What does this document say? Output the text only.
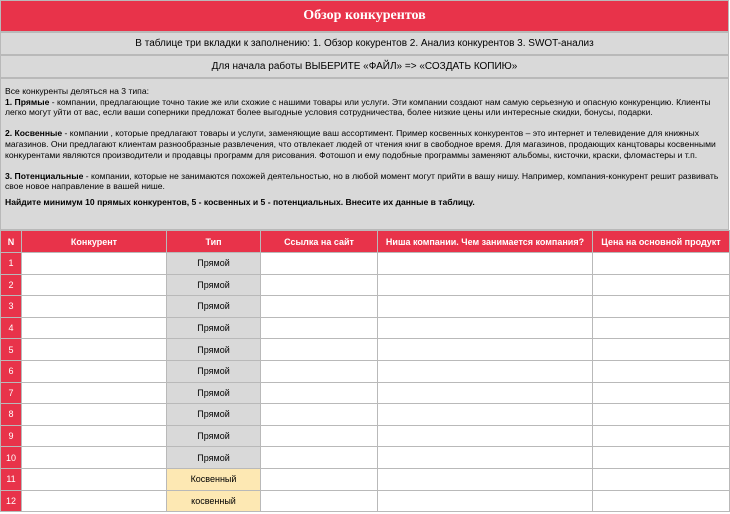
Обзор конкурентов
В таблице три вкладки к заполнению: 1. Обзор кокурентов 2. Анализ конкурентов 3. SWOT-анализ
Для начала работы ВЫБЕРИТЕ «ФАЙЛ» => «СОЗДАТЬ КОПИЮ»

Все конкуренты деляться на 3 типа:

1. Прямые - компании, предлагающие точно такие же или схожие с нашими товары или услуги. Эти компании создают нам самую серьезную и опасную конкуренцию. Клиенты легко могут уйти от вас, если ваши соперники предложат более выгодные условия сотрудничества, более низкие цены или интересные скидки, бонусы, подарки.

2. Косвенные - компании , которые предлагают товары и услуги, заменяющие ваш ассортимент. Пример косвенных конкурентов – это интернет и телевидение для книжных магазинов. Они предлагают клиентам разнообразные развлечения, что отвлекает людей от чтения книг в свободное время. Для магазинов, продающих канцтовары косвенными конкурентами являются производители и продавцы программ для рисования. Фотошоп и ему подобные программы заменяют альбомы, кисточки, краски, фломастеры и т.п.

3. Потенциальные - компании, которые не занимаются похожей деятельностью, но в любой момент могут прийти в вашу нишу. Например, компания-конкурент решит развивать свое новое направление в вашей нише.

Найдите минимум 10 прямых конкурентов, 5 - косвенных и 5 - потенциальных. Внесите их данные в таблицу.

N	Конкурент	Тип	Ссылка на сайт	Ниша компании. Чем занимается компания?	Цена на основной продукт
1		Прямой			
2		Прямой			
3		Прямой			
4		Прямой			
5		Прямой			
6		Прямой			
7		Прямой			
8		Прямой			
9		Прямой			
10		Прямой			
11		Косвенный			
12		косвенный			
